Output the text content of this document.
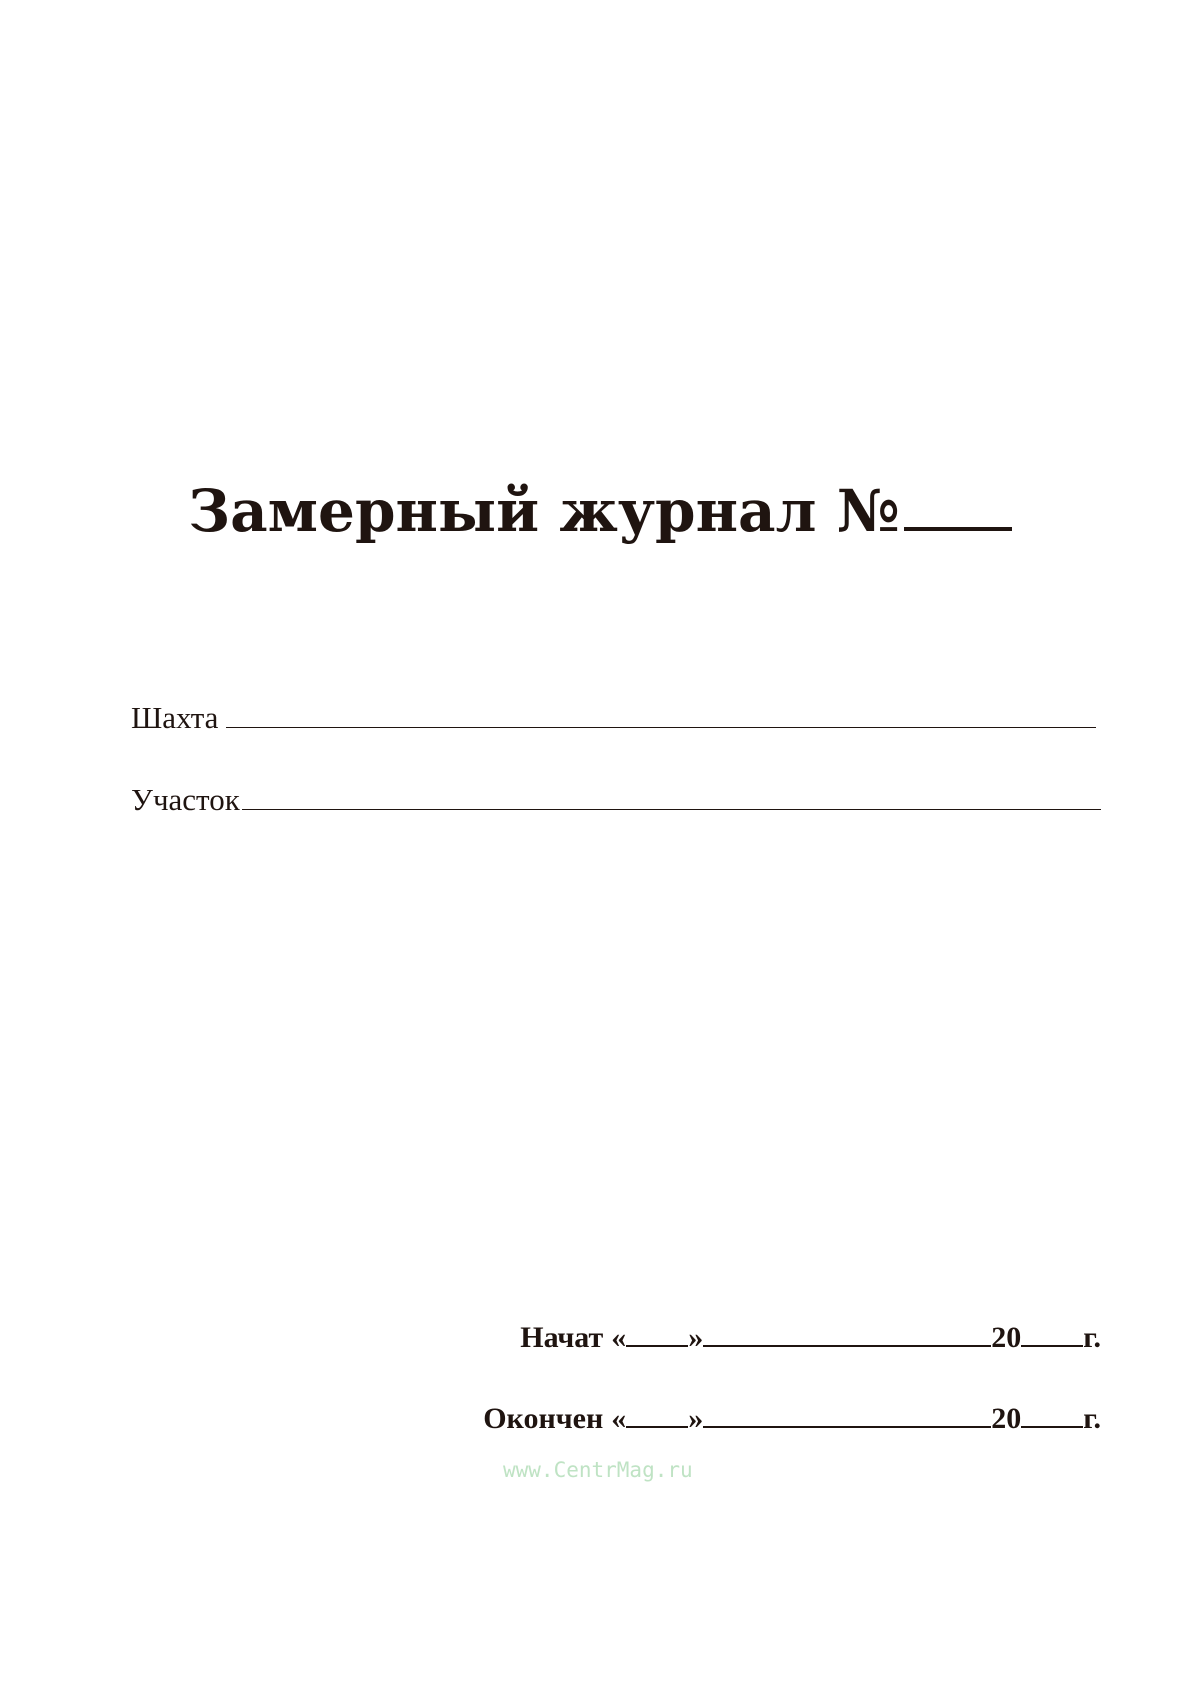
Замерный журнал №
Шахта
Участок
Начат « »	20 г.
Окончен « »	20 г.
www.CentrMag.ru
